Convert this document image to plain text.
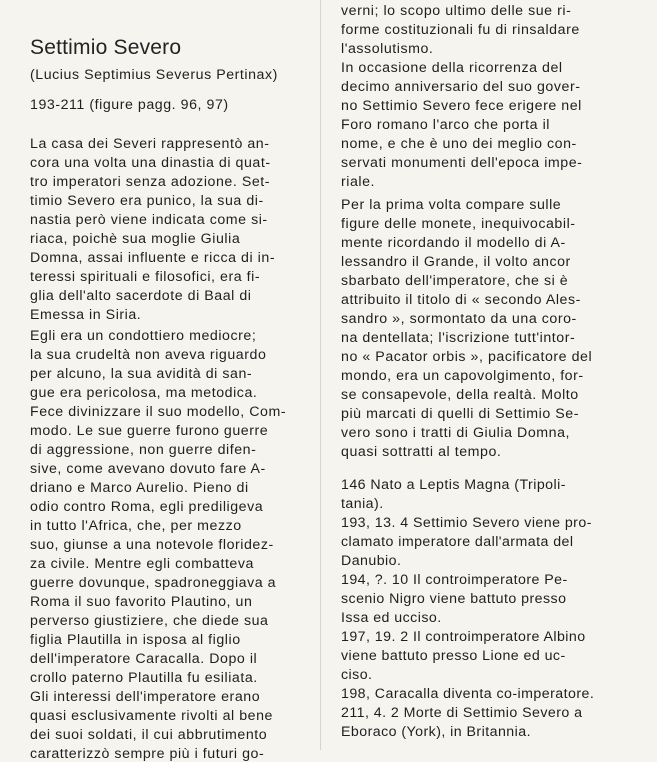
Settimio Severo
(Lucius Septimius Severus Pertinax)
193-211 (figure pagg. 96, 97)
La casa dei Severi rappresentò an-
cora una volta una dinastia di quat-
tro imperatori senza adozione. Set-
timio Severo era punico, la sua di-
nastia però viene indicata come si-
riaca, poichè sua moglie Giulia
Domna, assai influente e ricca di in-
teressi spirituali e filosofici, era fi-
glia dell'alto sacerdote di Baal di
Emessa in Siria.
Egli era un condottiero mediocre;
la sua crudeltà non aveva riguardo
per alcuno, la sua avidità di san-
gue era pericolosa, ma metodica.
Fece divinizzare il suo modello, Com-
modo. Le sue guerre furono guerre
di aggressione, non guerre difen-
sive, come avevano dovuto fare A-
driano e Marco Aurelio. Pieno di
odio contro Roma, egli prediligeva
in tutto l'Africa, che, per mezzo
suo, giunse a una notevole floridez-
za civile. Mentre egli combatteva
guerre dovunque, spadroneggiava a
Roma il suo favorito Plautino, un
perverso giustiziere, che diede sua
figlia Plautilla in isposa al figlio
dell'imperatore Caracalla. Dopo il
crollo paterno Plautilla fu esiliata.
Gli interessi dell'imperatore erano
quasi esclusivamente rivolti al bene
dei suoi soldati, il cui abbrutimento
caratterizzò sempre più i futuri go-
verni; lo scopo ultimo delle sue ri-
forme costituzionali fu di rinsaldare
l'assolutismo.
In occasione della ricorrenza del
decimo anniversario del suo gover-
no Settimio Severo fece erigere nel
Foro romano l'arco che porta il
nome, e che è uno dei meglio con-
servati monumenti dell'epoca impe-
riale.
Per la prima volta compare sulle
figure delle monete, inequivocabil-
mente ricordando il modello di A-
lessandro il Grande, il volto ancor
sbarbato dell'imperatore, che si è
attribuito il titolo di « secondo Ales-
sandro », sormontato da una coro-
na dentellata; l'iscrizione tutt'intor-
no « Pacator orbis », pacificatore del
mondo, era un capovolgimento, for-
se consapevole, della realtà. Molto
più marcati di quelli di Settimio Se-
vero sono i tratti di Giulia Domna,
quasi sottratti al tempo.
146 Nato a Leptis Magna (Tripoli-
tania).
193, 13. 4 Settimio Severo viene pro-
clamato imperatore dall'armata del
Danubio.
194, ?. 10 Il controimperatore Pe-
scenio Nigro viene battuto presso
Issa ed ucciso.
197, 19. 2 Il controimperatore Albino
viene battuto presso Lione ed uc-
ciso.
198, Caracalla diventa co-imperatore.
211, 4. 2 Morte di Settimio Severo a
Eboraco (York), in Britannia.
